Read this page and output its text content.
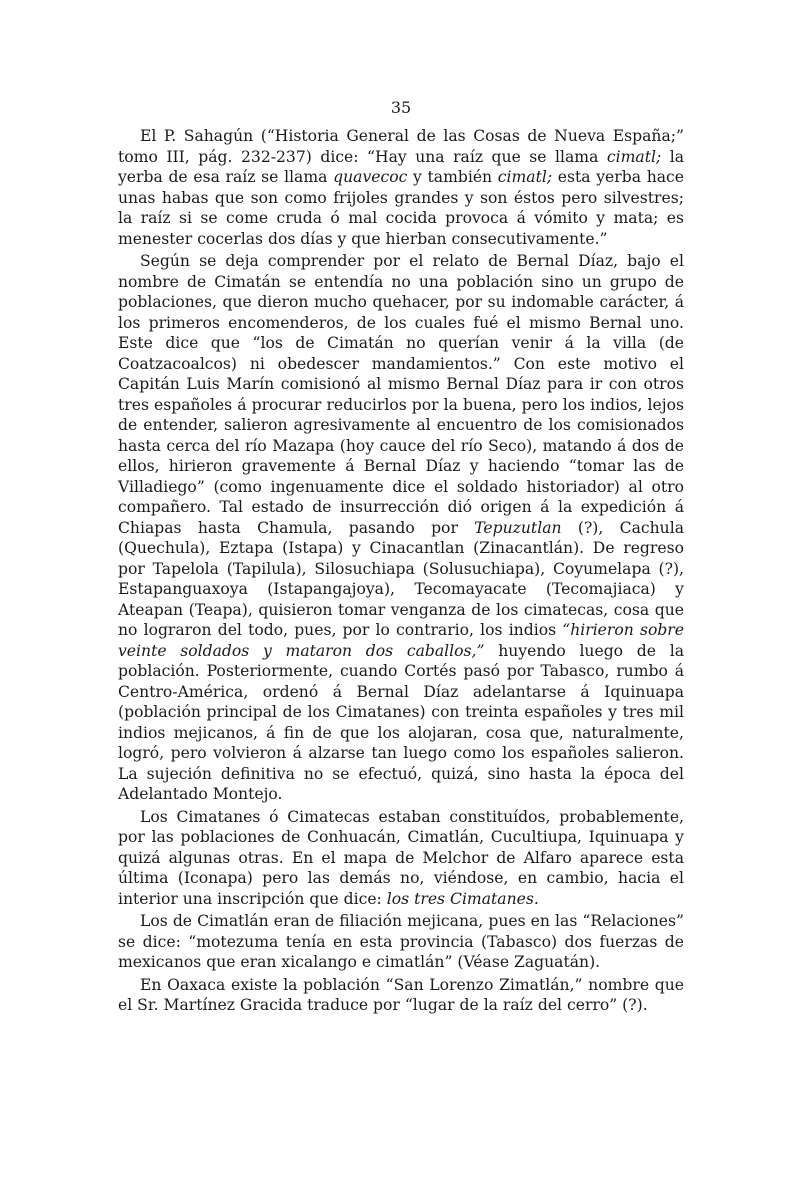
35

El P. Sahagún (“Historia General de las Cosas de Nueva España;” tomo III, pág. 232-237) dice: “Hay una raíz que se llama cimatl; la yerba de esa raíz se llama quavecoc y también cimatl; esta yerba hace unas habas que son como frijoles grandes y son éstos pero silvestres; la raíz si se come cruda ó mal cocida provoca á vómito y mata; es menester cocerlas dos días y que hierban consecutivamente.”

Según se deja comprender por el relato de Bernal Díaz, bajo el nombre de Cimatán se entendía no una población sino un grupo de poblaciones, que dieron mucho quehacer, por su indomable carácter, á los primeros encomenderos, de los cuales fué el mismo Bernal uno. Este dice que “los de Cimatán no querían venir á la villa (de Coatzacoalcos) ni obedescer mandamientos.” Con este motivo el Capitán Luis Marín comisionó al mismo Bernal Díaz para ir con otros tres españoles á procurar reducirlos por la buena, pero los indios, lejos de entender, salieron agresivamente al encuentro de los comisionados hasta cerca del río Mazapa (hoy cauce del río Seco), matando á dos de ellos, hirieron gravemente á Bernal Díaz y haciendo “tomar las de Villadiego” (como ingenuamente dice el soldado historiador) al otro compañero. Tal estado de insurrección dió origen á la expedición á Chiapas hasta Chamula, pasando por Tepuzutlan (?), Cachula (Quechula), Eztapa (Istapa) y Cinacantlan (Zinacantlán). De regreso por Tapelola (Tapilula), Silosuchiapa (Solusuchiapa), Coyumelapa (?), Estapanguaxoya (Istapangajoya), Tecomayacate (Tecomajiaca) y Ateapan (Teapa), quisieron tomar venganza de los cimatecas, cosa que no lograron del todo, pues, por lo contrario, los indios “hirieron sobre veinte soldados y mataron dos caballos,” huyendo luego de la población. Posteriormente, cuando Cortés pasó por Tabasco, rumbo á Centro-América, ordenó á Bernal Díaz adelantarse á Iquinuapa (población principal de los Cimatanes) con treinta españoles y tres mil indios mejicanos, á fin de que los alojaran, cosa que, naturalmente, logró, pero volvieron á alzarse tan luego como los españoles salieron. La sujeción definitiva no se efectuó, quizá, sino hasta la época del Adelantado Montejo.

Los Cimatanes ó Cimatecas estaban constituídos, probablemente, por las poblaciones de Conhuacán, Cimatlán, Cucultiupa, Iquinuapa y quizá algunas otras. En el mapa de Melchor de Alfaro aparece esta última (Iconapa) pero las demás no, viéndose, en cambio, hacia el interior una inscripción que dice: los tres Cimatanes.

Los de Cimatlán eran de filiación mejicana, pues en las “Relaciones” se dice: “motezuma tenía en esta provincia (Tabasco) dos fuerzas de mexicanos que eran xicalango e cimatlán” (Véase Zaguatán).

En Oaxaca existe la población “San Lorenzo Zimatlán,” nombre que el Sr. Martínez Gracida traduce por “lugar de la raíz del cerro” (?).
